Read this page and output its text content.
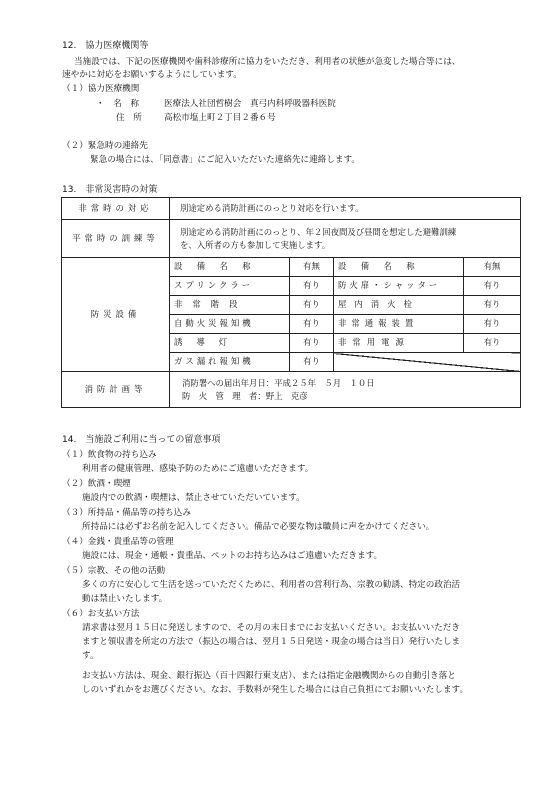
12.　協力医療機関等
当施設では、下記の医療機関や歯科診療所に協力をいただき、利用者の状態が急変した場合等には、
速やかに対応をお願いするようにしています。
（１）協力医療機関
・　名　称	医療法人社団哲樹会　真弓内科呼吸器科医院
住　所	高松市塩上町２丁目２番６号
（２）緊急時の連絡先
緊急の場合には、「同意書」にご記入いただいた連絡先に連絡します。
13.　非常災害時の対策
非常時の対応	別途定める消防計画にのっとり対応を行います。			
平常時の訓練等	別途定める消防計画にのっとり、年２回夜間及び昼間を想定した避難訓練
を、入所者の方も参加して実施します。			

防災設備	設　備　名　称	有無	設　備　名　称	有無
	スプリンクラー	有り	防火扉・シャッター	有り
	非常階段	有り	屋内消火栓	有り
	自動火災報知機	有り	非常通報装置	有り
	誘導灯	有り	非常用電源	有り
	ガス漏れ報知機	有り		
消防計画等	消防署への届出年月日：平成２５年　５月　１０日
防　火　管　理　者：野上　克彦			
14.　当施設ご利用に当っての留意事項
（１）飲食物の持ち込み
利用者の健康管理、感染予防のためにご遠慮いただきます。
（２）飲酒・喫煙
施設内での飲酒・喫煙は、禁止させていただいています。
（３）所持品・備品等の持ち込み
所持品には必ずお名前を記入してください。備品で必要な物は職員に声をかけてください。
（４）金銭・貴重品等の管理
施設には、現金・通帳・貴重品、ペットのお持ち込みはご遠慮いただきます。
（５）宗教、その他の活動
多くの方に安心して生活を送っていただくために、利用者の営利行為、宗教の勧誘、特定の政治活
動は禁止いたします。
（６）お支払い方法
請求書は翌月１５日に発送しますので、その月の末日までにお支払いください。お支払いいただき
ますと領収書を所定の方法で（振込の場合は、翌月１５日発送・現金の場合は当日）発行いたしま
す。
お支払い方法は、現金、銀行振込（百十四銀行東支店）、または指定金融機関からの自動引き落と
しのいずれかをお選びください。なお、手数料が発生した場合には自己負担にてお願いいたします。
